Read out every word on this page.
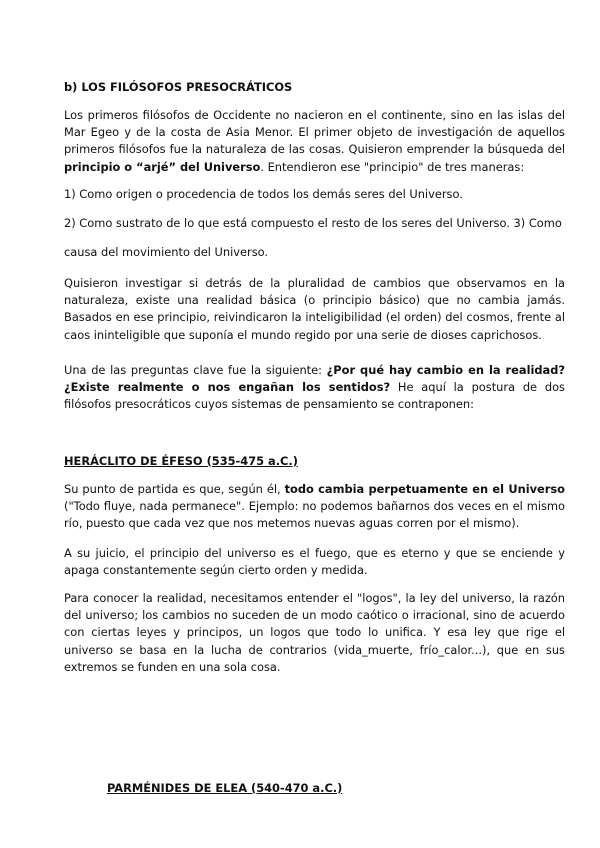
b) LOS FILÓSOFOS PRESOCRÁTICOS

Los primeros filósofos de Occidente no nacieron en el continente, sino en las islas del Mar Egeo y de la costa de Asia Menor. El primer objeto de investigación de aquellos primeros filósofos fue la naturaleza de las cosas. Quisieron emprender la búsqueda del principio o “arjé” del Universo. Entendieron ese "principio" de tres maneras:

1) Como origen o procedencia de todos los demás seres del Universo.

2) Como sustrato de lo que está compuesto el resto de los seres del Universo. 3) Como

causa del movimiento del Universo.

Quisieron investigar si detrás de la pluralidad de cambios que observamos en la naturaleza, existe una realidad básica (o principio básico) que no cambia jamás. Basados en ese principio, reivindicaron la inteligibilidad (el orden) del cosmos, frente al caos ininteligible que suponía el mundo regido por una serie de dioses caprichosos.

Una de las preguntas clave fue la siguiente: ¿Por qué hay cambio en la realidad? ¿Existe realmente o nos engañan los sentidos? He aquí la postura de dos filósofos presocráticos cuyos sistemas de pensamiento se contraponen:

HERÁCLITO DE ÉFESO (535-475 a.C.)

Su punto de partida es que, según él, todo cambia perpetuamente en el Universo ("Todo fluye, nada permanece". Ejemplo: no podemos bañarnos dos veces en el mismo río, puesto que cada vez que nos metemos nuevas aguas corren por el mismo).

A su juicio, el principio del universo es el fuego, que es eterno y que se enciende y apaga constantemente según cierto orden y medida.

Para conocer la realidad, necesitamos entender el "logos", la ley del universo, la razón del universo; los cambios no suceden de un modo caótico o irracional, sino de acuerdo con ciertas leyes y principos, un logos que todo lo unifica. Y esa ley que rige el universo se basa en la lucha de contrarios (vida_muerte, frío_calor...), que en sus extremos se funden en una sola cosa.

PARMÉNIDES DE ELEA (540-470 a.C.)
